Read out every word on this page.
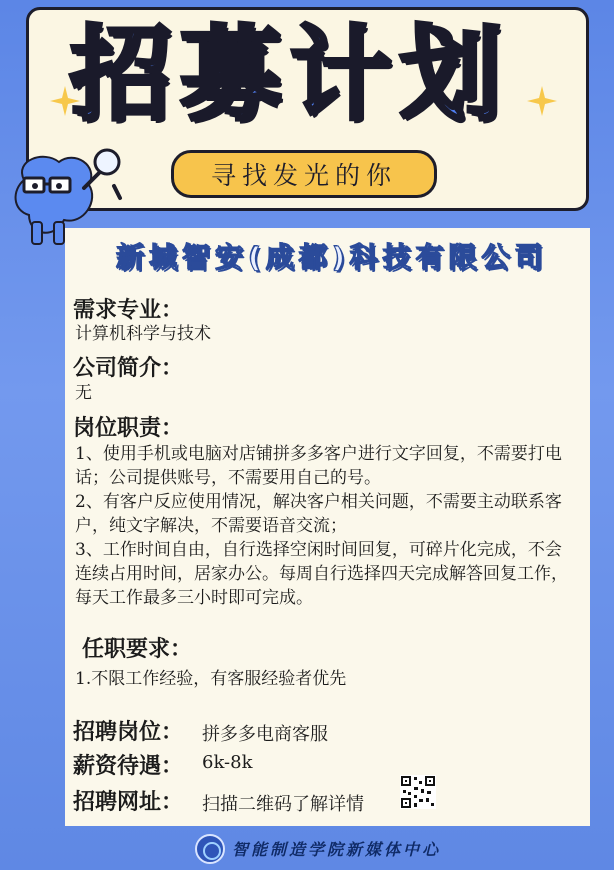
招募计划
寻找发光的你
新城智安(成都)科技有限公司
需求专业：
计算机科学与技术
公司简介：
无
岗位职责：
1、使用手机或电脑对店铺拼多多客户进行文字回复，不需要打电话；公司提供账号，不需要用自己的号。
2、有客户反应使用情况，解决客户相关问题，不需要主动联系客户，纯文字解决，不需要语音交流；
3、工作时间自由，自行选择空闲时间回复，可碎片化完成，不会连续占用时间，居家办公。每周自行选择四天完成解答回复工作，每天工作最多三小时即可完成。
任职要求：
1.不限工作经验，有客服经验者优先
招聘岗位： 拼多多电商客服
薪资待遇： 6k-8k
招聘网址： 扫描二维码了解详情
智能制造学院新媒体中心
